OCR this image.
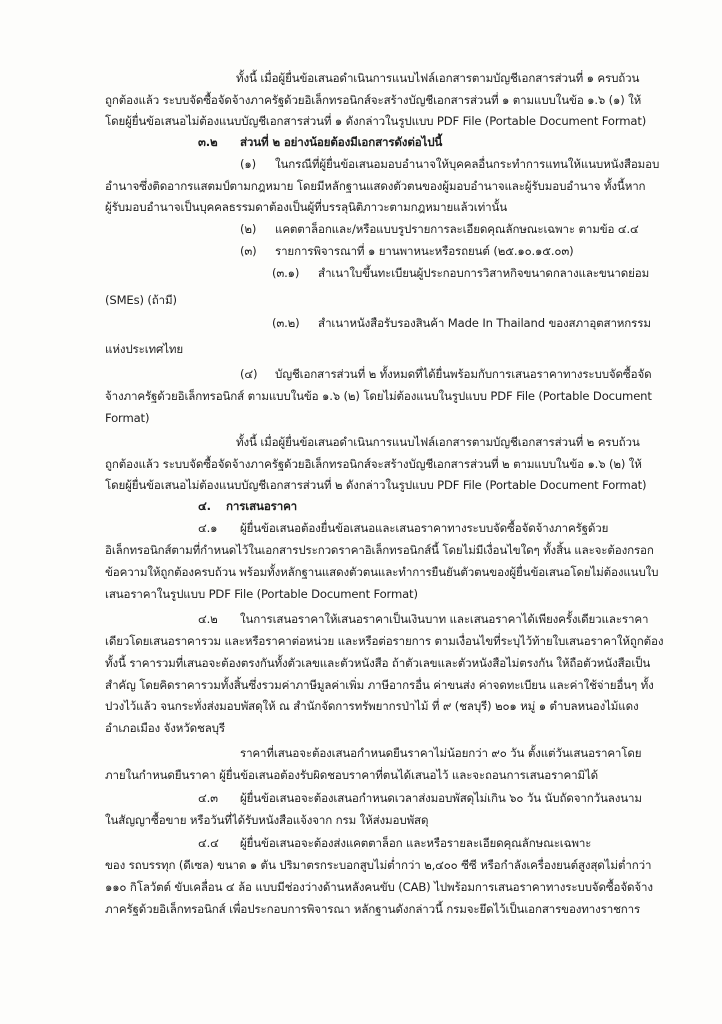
ทั้งนี้ เมื่อผู้ยื่นข้อเสนอดำเนินการแนบไฟล์เอกสารตามบัญชีเอกสารส่วนที่ ๑ ครบถ้วน
ถูกต้องแล้ว ระบบจัดซื้อจัดจ้างภาครัฐด้วยอิเล็กทรอนิกส์จะสร้างบัญชีเอกสารส่วนที่ ๑ ตามแบบในข้อ ๑.๖ (๑) ให้
โดยผู้ยื่นข้อเสนอไม่ต้องแนบบัญชีเอกสารส่วนที่ ๑ ดังกล่าวในรูปแบบ PDF File (Portable Document Format)
๓.๒ ส่วนที่ ๒ อย่างน้อยต้องมีเอกสารดังต่อไปนี้
(๑) ในกรณีที่ผู้ยื่นข้อเสนอมอบอำนาจให้บุคคลอื่นกระทำการแทนให้แนบหนังสือมอบ
อำนาจซึ่งติดอากรแสตมป์ตามกฎหมาย โดยมีหลักฐานแสดงตัวตนของผู้มอบอำนาจและผู้รับมอบอำนาจ ทั้งนี้หาก
ผู้รับมอบอำนาจเป็นบุคคลธรรมดาต้องเป็นผู้ที่บรรลุนิติภาวะตามกฎหมายแล้วเท่านั้น
(๒) แคตตาล็อกและ/หรือแบบรูปรายการละเอียดคุณลักษณะเฉพาะ ตามข้อ ๔.๔
(๓) รายการพิจารณาที่ ๑ ยานพาหนะหรือรถยนต์ (๒๕.๑๐.๑๕.๐๓)
(๓.๑) สำเนาใบขึ้นทะเบียนผู้ประกอบการวิสาหกิจขนาดกลางและขนาดย่อม
(SMEs) (ถ้ามี)
(๓.๒) สำเนาหนังสือรับรองสินค้า Made In Thailand ของสภาอุตสาหกรรม
แห่งประเทศไทย
(๔) บัญชีเอกสารส่วนที่ ๒ ทั้งหมดที่ได้ยื่นพร้อมกับการเสนอราคาทางระบบจัดซื้อจัด
จ้างภาครัฐด้วยอิเล็กทรอนิกส์ ตามแบบในข้อ ๑.๖ (๒) โดยไม่ต้องแนบในรูปแบบ PDF File (Portable Document
Format)
ทั้งนี้ เมื่อผู้ยื่นข้อเสนอดำเนินการแนบไฟล์เอกสารตามบัญชีเอกสารส่วนที่ ๒ ครบถ้วน
ถูกต้องแล้ว ระบบจัดซื้อจัดจ้างภาครัฐด้วยอิเล็กทรอนิกส์จะสร้างบัญชีเอกสารส่วนที่ ๒ ตามแบบในข้อ ๑.๖ (๒) ให้
โดยผู้ยื่นข้อเสนอไม่ต้องแนบบัญชีเอกสารส่วนที่ ๒ ดังกล่าวในรูปแบบ PDF File (Portable Document Format)
๔. การเสนอราคา
๔.๑ ผู้ยื่นข้อเสนอต้องยื่นข้อเสนอและเสนอราคาทางระบบจัดซื้อจัดจ้างภาครัฐด้วย
อิเล็กทรอนิกส์ตามที่กำหนดไว้ในเอกสารประกวดราคาอิเล็กทรอนิกส์นี้ โดยไม่มีเงื่อนไขใดๆ ทั้งสิ้น และจะต้องกรอก
ข้อความให้ถูกต้องครบถ้วน พร้อมทั้งหลักฐานแสดงตัวตนและทำการยืนยันตัวตนของผู้ยื่นข้อเสนอโดยไม่ต้องแนบใบ
เสนอราคาในรูปแบบ PDF File (Portable Document Format)
๔.๒ ในการเสนอราคาให้เสนอราคาเป็นเงินบาท และเสนอราคาได้เพียงครั้งเดียวและราคา
เดียวโดยเสนอราคารวม และหรือราคาต่อหน่วย และหรือต่อรายการ ตามเงื่อนไขที่ระบุไว้ท้ายใบเสนอราคาให้ถูกต้อง
ทั้งนี้ ราคารวมที่เสนอจะต้องตรงกันทั้งตัวเลขและตัวหนังสือ ถ้าตัวเลขและตัวหนังสือไม่ตรงกัน ให้ถือตัวหนังสือเป็น
สำคัญ โดยคิดราคารวมทั้งสิ้นซึ่งรวมค่าภาษีมูลค่าเพิ่ม ภาษีอากรอื่น ค่าขนส่ง ค่าจดทะเบียน และค่าใช้จ่ายอื่นๆ ทั้ง
ปวงไว้แล้ว จนกระทั่งส่งมอบพัสดุให้ ณ สำนักจัดการทรัพยากรป่าไม้ ที่ ๙ (ชลบุรี) ๒๐๑ หมู่ ๑ ตำบลหนองไม้แดง
อำเภอเมือง จังหวัดชลบุรี
ราคาที่เสนอจะต้องเสนอกำหนดยืนราคาไม่น้อยกว่า ๙๐ วัน ตั้งแต่วันเสนอราคาโดย
ภายในกำหนดยืนราคา ผู้ยื่นข้อเสนอต้องรับผิดชอบราคาที่ตนได้เสนอไว้ และจะถอนการเสนอราคามิได้
๔.๓ ผู้ยื่นข้อเสนอจะต้องเสนอกำหนดเวลาส่งมอบพัสดุไม่เกิน ๖๐ วัน นับถัดจากวันลงนาม
ในสัญญาซื้อขาย หรือวันที่ได้รับหนังสือแจ้งจาก กรม ให้ส่งมอบพัสดุ
๔.๔ ผู้ยื่นข้อเสนอจะต้องส่งแคตตาล็อก และหรือรายละเอียดคุณลักษณะเฉพาะ
ของ รถบรรทุก (ดีเซล) ขนาด ๑ ตัน ปริมาตรกระบอกสูบไม่ต่ำกว่า ๒,๔๐๐ ซีซี หรือกำลังเครื่องยนต์สูงสุดไม่ต่ำกว่า
๑๑๐ กิโลวัตต์ ขับเคลื่อน ๔ ล้อ แบบมีช่องว่างด้านหลังคนขับ (CAB) ไปพร้อมการเสนอราคาทางระบบจัดซื้อจัดจ้าง
ภาครัฐด้วยอิเล็กทรอนิกส์ เพื่อประกอบการพิจารณา หลักฐานดังกล่าวนี้ กรมจะยึดไว้เป็นเอกสารของทางราชการ
